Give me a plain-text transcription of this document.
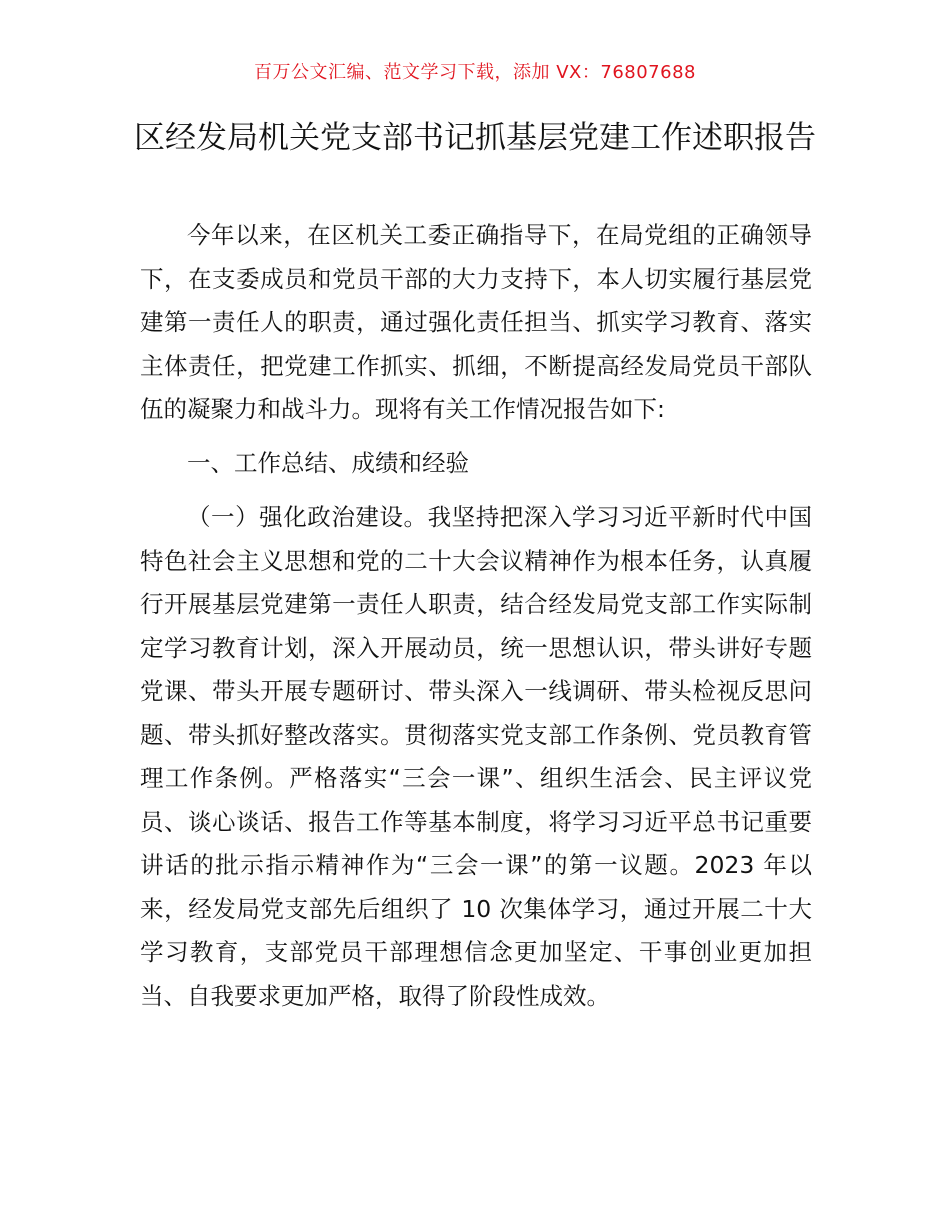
百万公文汇编、范文学习下载，添加 VX：76807688
区经发局机关党支部书记抓基层党建工作述职报告

今年以来，在区机关工委正确指导下，在局党组的正确领导下，在支委成员和党员干部的大力支持下，本人切实履行基层党建第一责任人的职责，通过强化责任担当、抓实学习教育、落实主体责任，把党建工作抓实、抓细，不断提高经发局党员干部队伍的凝聚力和战斗力。现将有关工作情况报告如下:

一、工作总结、成绩和经验

（一）强化政治建设。我坚持把深入学习习近平新时代中国特色社会主义思想和党的二十大会议精神作为根本任务，认真履行开展基层党建第一责任人职责，结合经发局党支部工作实际制定学习教育计划，深入开展动员，统一思想认识，带头讲好专题党课、带头开展专题研讨、带头深入一线调研、带头检视反思问题、带头抓好整改落实。贯彻落实党支部工作条例、党员教育管理工作条例。严格落实“三会一课”、组织生活会、民主评议党员、谈心谈话、报告工作等基本制度，将学习习近平总书记重要讲话的批示指示精神作为“三会一课”的第一议题。2023 年以来，经发局党支部先后组织了 10 次集体学习，通过开展二十大学习教育，支部党员干部理想信念更加坚定、干事创业更加担当、自我要求更加严格，取得了阶段性成效。
